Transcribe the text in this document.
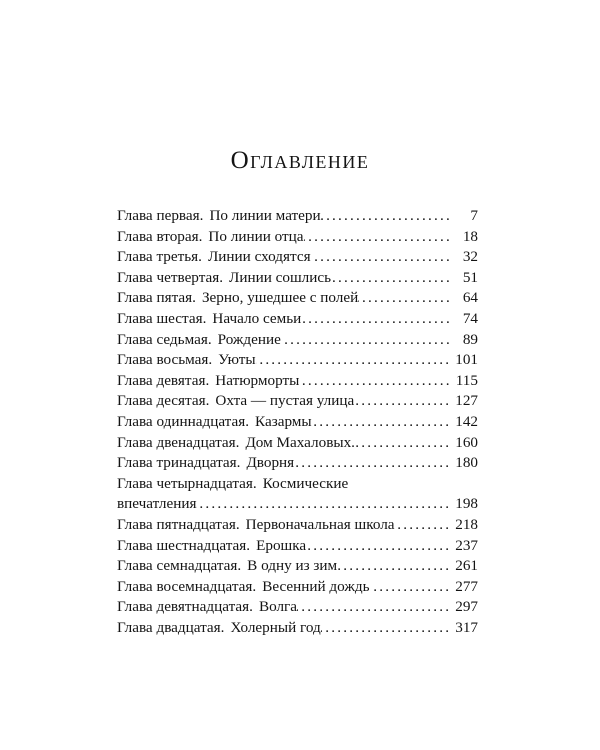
Оглавление
Глава первая. По линии матери .....	7
Глава вторая. По линии отца .....	18
Глава третья. Линии сходятся .....	32
Глава четвертая. Линии сошлись .....	51
Глава пятая. Зерно, ушедшее с полей .....	64
Глава шестая. Начало семьи .....	74
Глава седьмая. Рождение .....	89
Глава восьмая. Уюты .....	101
Глава девятая. Натюрморты .....	115
Глава десятая. Охта — пустая улица .....	127
Глава одиннадцатая. Казармы .....	142
Глава двенадцатая. Дом Махаловых. .....	160
Глава тринадцатая. Дворня .....	180
Глава четырнадцатая. Космические
впечатления .....	198
Глава пятнадцатая. Первоначальная школа .....	218
Глава шестнадцатая. Ерошка .....	237
Глава семнадцатая. В одну из зим .....	261
Глава восемнадцатая. Весенний дождь .....	277
Глава девятнадцатая. Волга .....	297
Глава двадцатая. Холерный год .....	317
